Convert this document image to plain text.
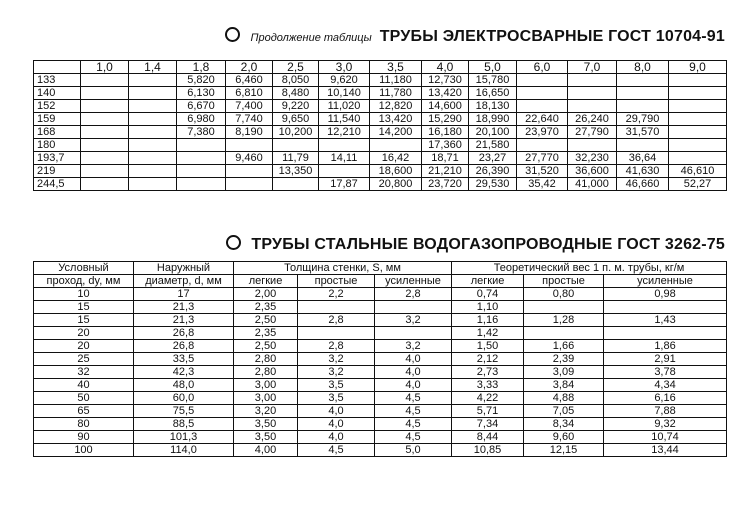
Продолжение таблицы ТРУБЫ ЭЛЕКТРОСВАРНЫЕ ГОСТ 10704-91
	1,0	1,4	1,8	2,0	2,5	3,0	3,5	4,0	5,0	6,0	7,0	8,0	9,0
133			5,820	6,460	8,050	9,620	11,180	12,730	15,780				
140			6,130	6,810	8,480	10,140	11,780	13,420	16,650				
152			6,670	7,400	9,220	11,020	12,820	14,600	18,130				
159			6,980	7,740	9,650	11,540	13,420	15,290	18,990	22,640	26,240	29,790	
168			7,380	8,190	10,200	12,210	14,200	16,180	20,100	23,970	27,790	31,570	
180								17,360	21,580				
193,7				9,460	11,79	14,11	16,42	18,71	23,27	27,770	32,230	36,64	
219					13,350		18,600	21,210	26,390	31,520	36,600	41,630	46,610
244,5						17,87	20,800	23,720	29,530	35,42	41,000	46,660	52,27
ТРУБЫ СТАЛЬНЫЕ ВОДОГАЗОПРОВОДНЫЕ ГОСТ 3262-75
Условный	Наружный	Толщина стенки, S, мм			Теоретический вес 1 п. м. трубы, кг/м		
проход, dy, мм	диаметр, d, мм	легкие	простые	усиленные	легкие	простые	усиленные
10	17	2,00	2,2	2,8	0,74	0,80	0,98
15	21,3	2,35			1,10		
15	21,3	2,50	2,8	3,2	1,16	1,28	1,43
20	26,8	2,35			1,42		
20	26,8	2,50	2,8	3,2	1,50	1,66	1,86
25	33,5	2,80	3,2	4,0	2,12	2,39	2,91
32	42,3	2,80	3,2	4,0	2,73	3,09	3,78
40	48,0	3,00	3,5	4,0	3,33	3,84	4,34
50	60,0	3,00	3,5	4,5	4,22	4,88	6,16
65	75,5	3,20	4,0	4,5	5,71	7,05	7,88
80	88,5	3,50	4,0	4,5	7,34	8,34	9,32
90	101,3	3,50	4,0	4,5	8,44	9,60	10,74
100	114,0	4,00	4,5	5,0	10,85	12,15	13,44
